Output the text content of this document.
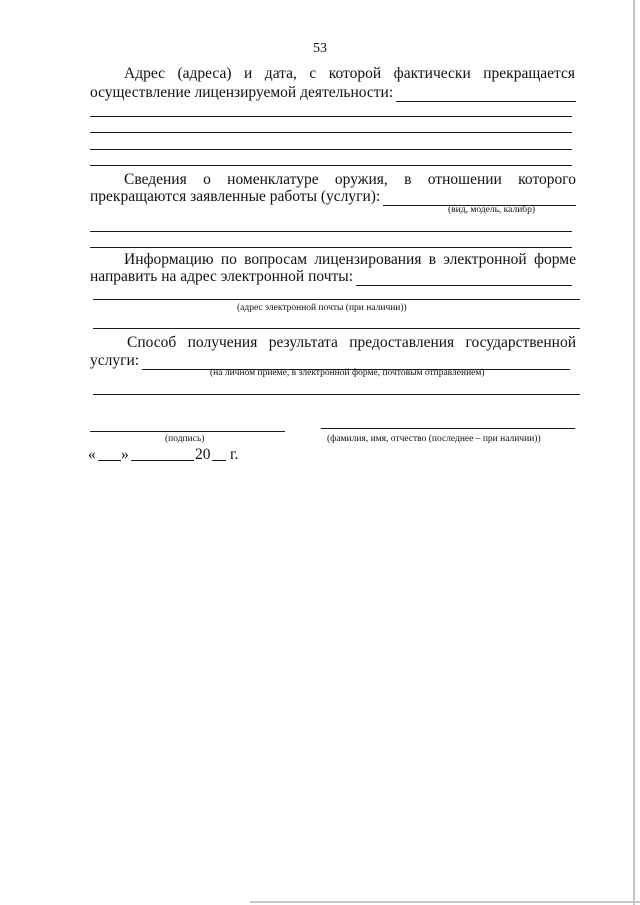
53
Адрес (адреса) и дата, с которой фактически прекращается
осуществление лицензируемой деятельности:
Сведения о номенклатуре оружия, в отношении которого
прекращаются заявленные работы (услуги):
(вид, модель, калибр)
Информацию по вопросам лицензирования в электронной форме
направить на адрес электронной почты:
(адрес электронной почты (при наличии))
Способ получения результата предоставления государственной
услуги:
(на личном приеме, в электронной форме, почтовым отправлением)
(подпись)	(фамилия, имя, отчество (последнее – при наличии))
« »	20 г.
